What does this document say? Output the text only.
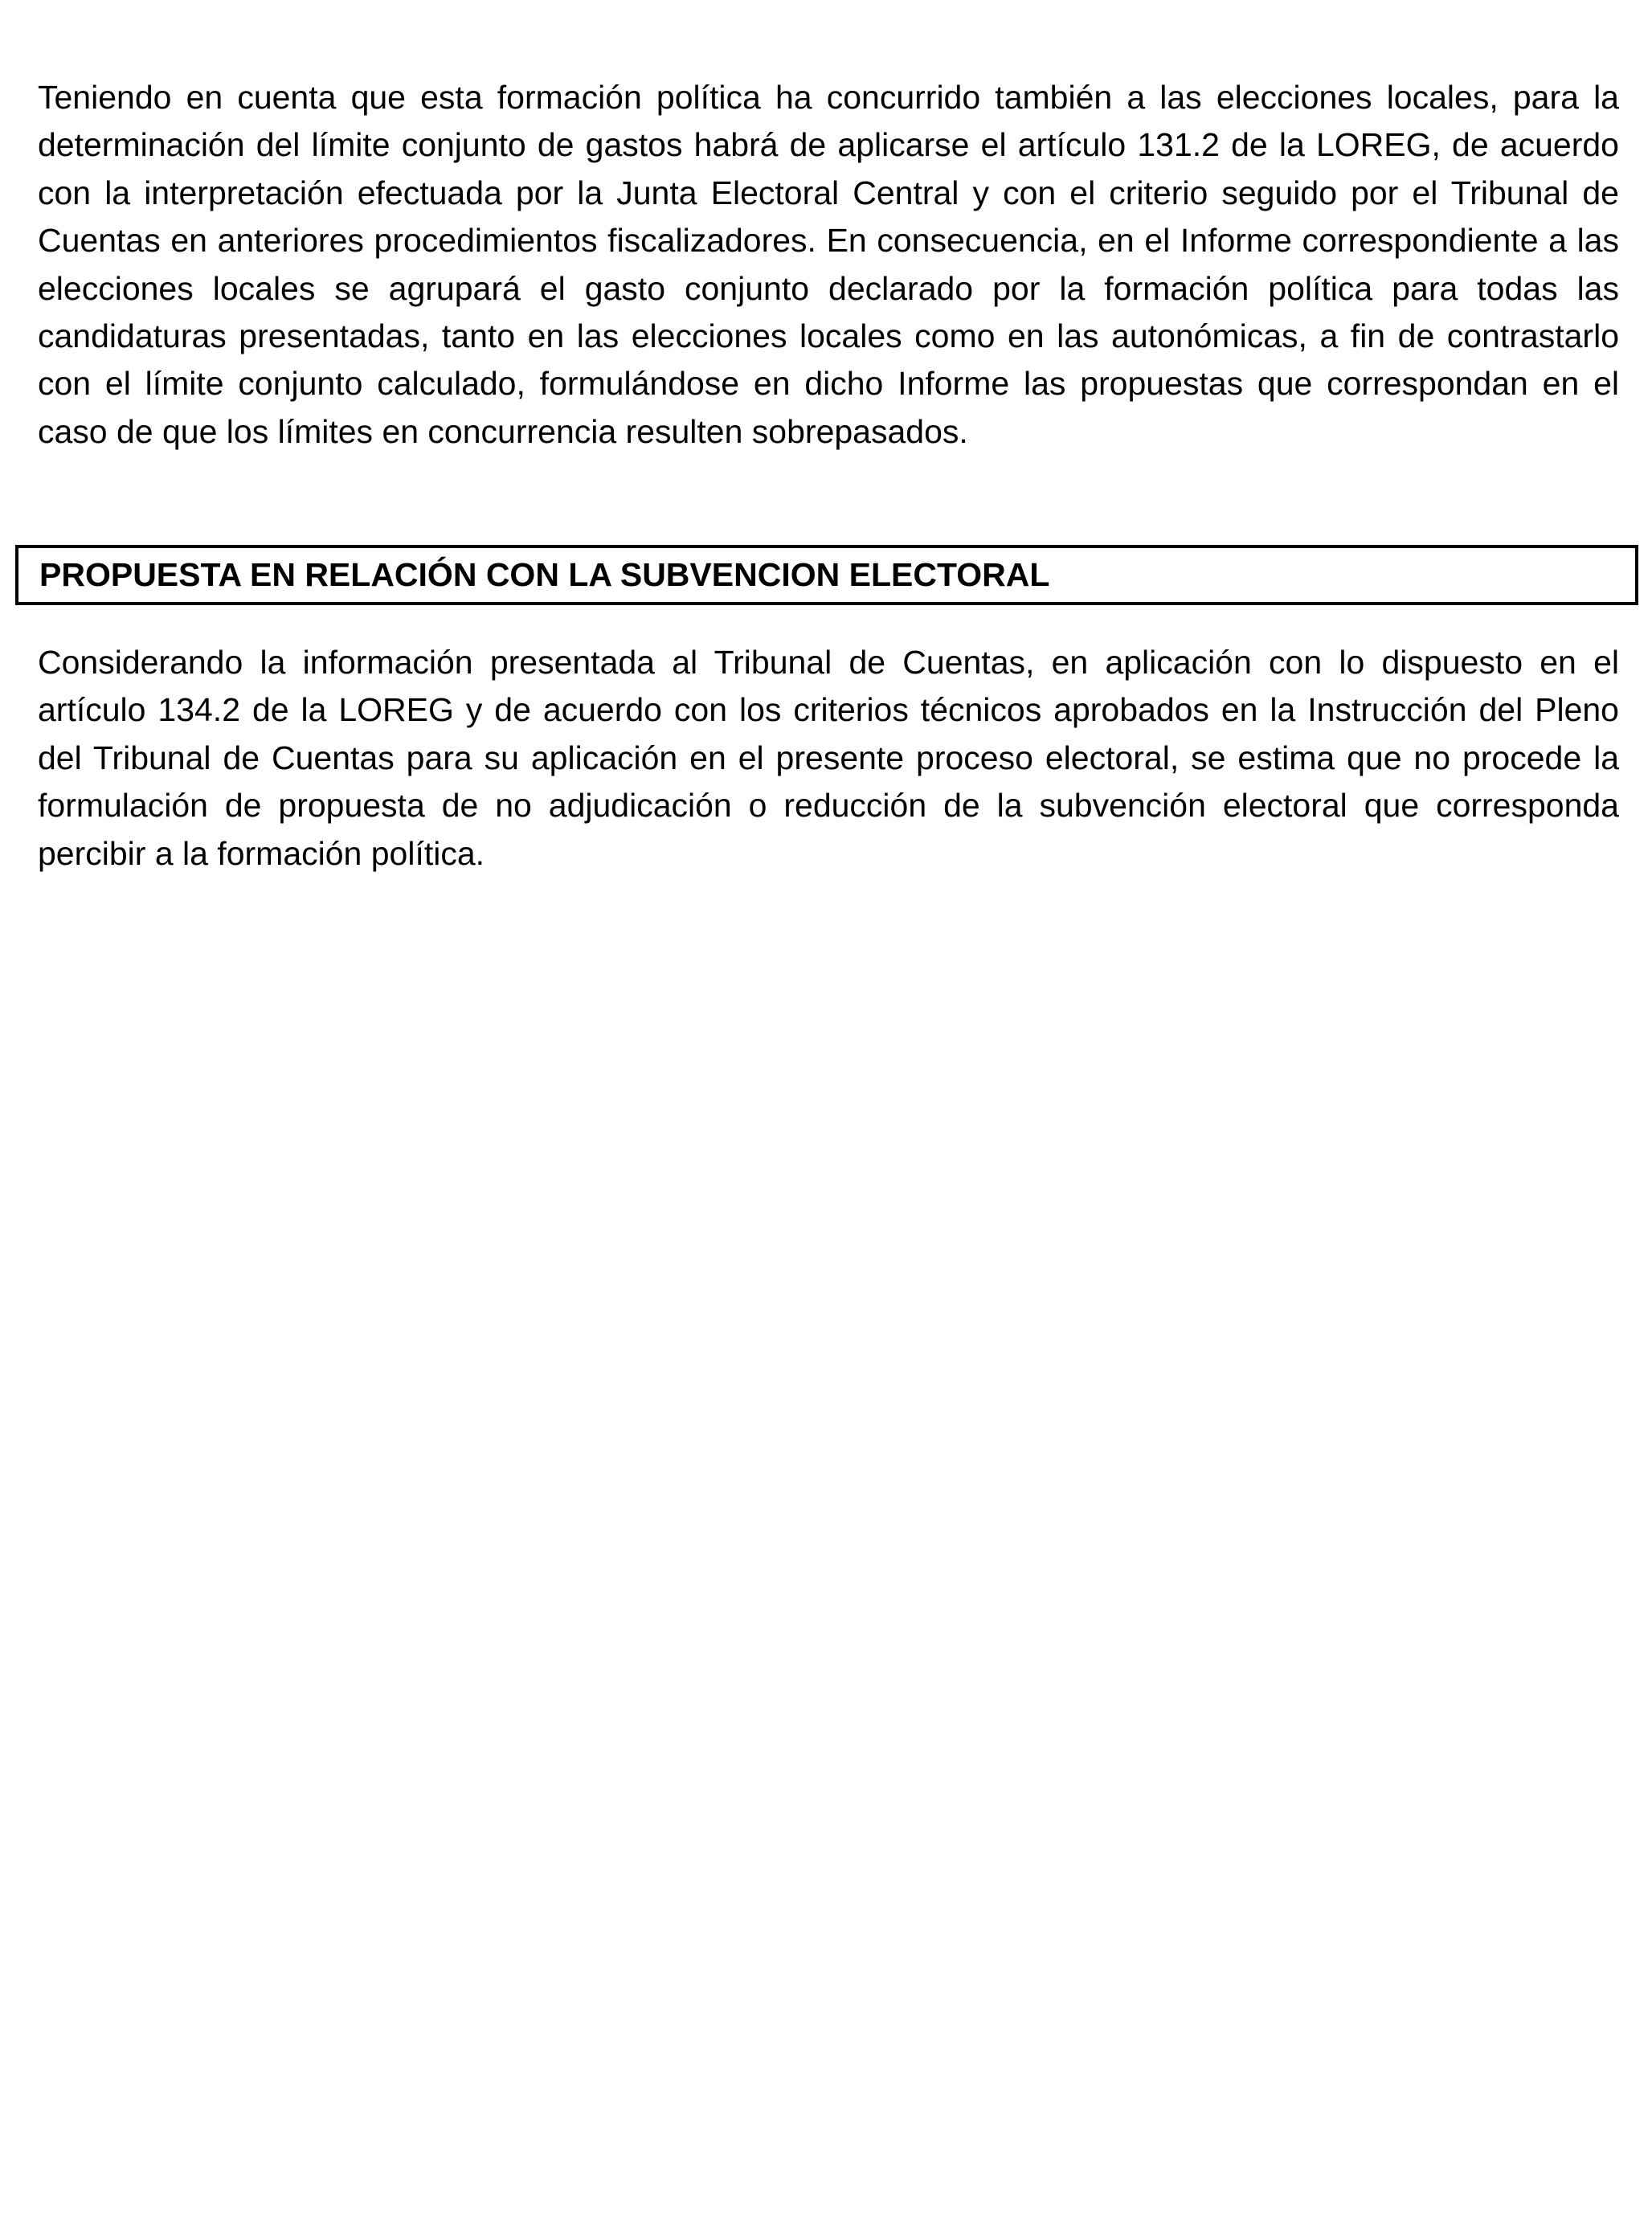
Teniendo en cuenta que esta formación política ha concurrido también a las elecciones locales, para la determinación del límite conjunto de gastos habrá de aplicarse el artículo 131.2 de la LOREG, de acuerdo con la interpretación efectuada por la Junta Electoral Central y con el criterio seguido por el Tribunal de Cuentas en anteriores procedimientos fiscalizadores. En consecuencia, en el Informe correspondiente a las elecciones locales se agrupará el gasto conjunto declarado por la formación política para todas las candidaturas presentadas, tanto en las elecciones locales como en las autonómicas, a fin de contrastarlo con el límite conjunto calculado, formulándose en dicho Informe las propuestas que correspondan en el caso de que los límites en concurrencia resulten sobrepasados.

PROPUESTA EN RELACIÓN CON LA SUBVENCION ELECTORAL

Considerando la información presentada al Tribunal de Cuentas, en aplicación con lo dispuesto en el artículo 134.2 de la LOREG y de acuerdo con los criterios técnicos aprobados en la Instrucción del Pleno del Tribunal de Cuentas para su aplicación en el presente proceso electoral, se estima que no procede la formulación de propuesta de no adjudicación o reducción de la subvención electoral que corresponda percibir a la formación política.
